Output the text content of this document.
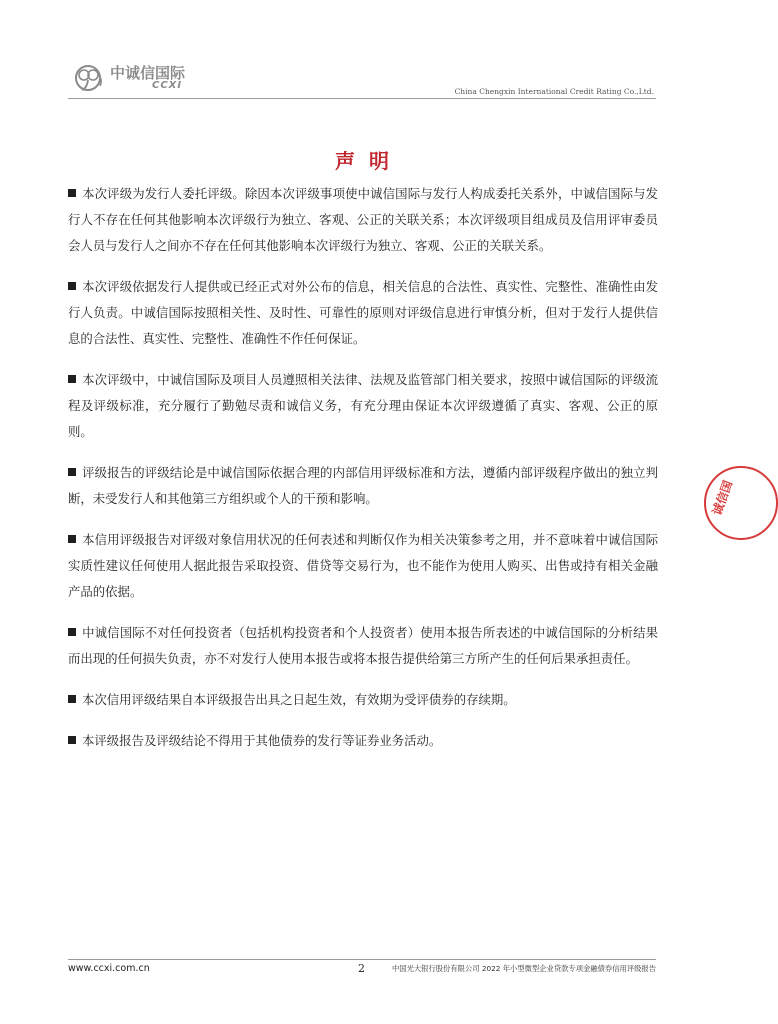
中诚信国际
CCXI
China Chengxin International Credit Rating Co.,Ltd.
声明

本次评级为发行人委托评级。除因本次评级事项使中诚信国际与发行人构成委托关系外，中诚信国际与发行人不存在任何其他影响本次评级行为独立、客观、公正的关联关系；本次评级项目组成员及信用评审委员会人员与发行人之间亦不存在任何其他影响本次评级行为独立、客观、公正的关联关系。

本次评级依据发行人提供或已经正式对外公布的信息，相关信息的合法性、真实性、完整性、准确性由发行人负责。中诚信国际按照相关性、及时性、可靠性的原则对评级信息进行审慎分析，但对于发行人提供信息的合法性、真实性、完整性、准确性不作任何保证。

本次评级中，中诚信国际及项目人员遵照相关法律、法规及监管部门相关要求，按照中诚信国际的评级流程及评级标准，充分履行了勤勉尽责和诚信义务，有充分理由保证本次评级遵循了真实、客观、公正的原则。

评级报告的评级结论是中诚信国际依据合理的内部信用评级标准和方法，遵循内部评级程序做出的独立判断，未受发行人和其他第三方组织或个人的干预和影响。

本信用评级报告对评级对象信用状况的任何表述和判断仅作为相关决策参考之用，并不意味着中诚信国际实质性建议任何使用人据此报告采取投资、借贷等交易行为，也不能作为使用人购买、出售或持有相关金融产品的依据。

中诚信国际不对任何投资者（包括机构投资者和个人投资者）使用本报告所表述的中诚信国际的分析结果而出现的任何损失负责，亦不对发行人使用本报告或将本报告提供给第三方所产生的任何后果承担责任。

本次信用评级结果自本评级报告出具之日起生效，有效期为受评债券的存续期。

本评级报告及评级结论不得用于其他债券的发行等证券业务活动。

诚信国
www.ccxi.com.cn	2	中国光大银行股份有限公司 2022 年小型微型企业贷款专项金融债券信用评级报告
